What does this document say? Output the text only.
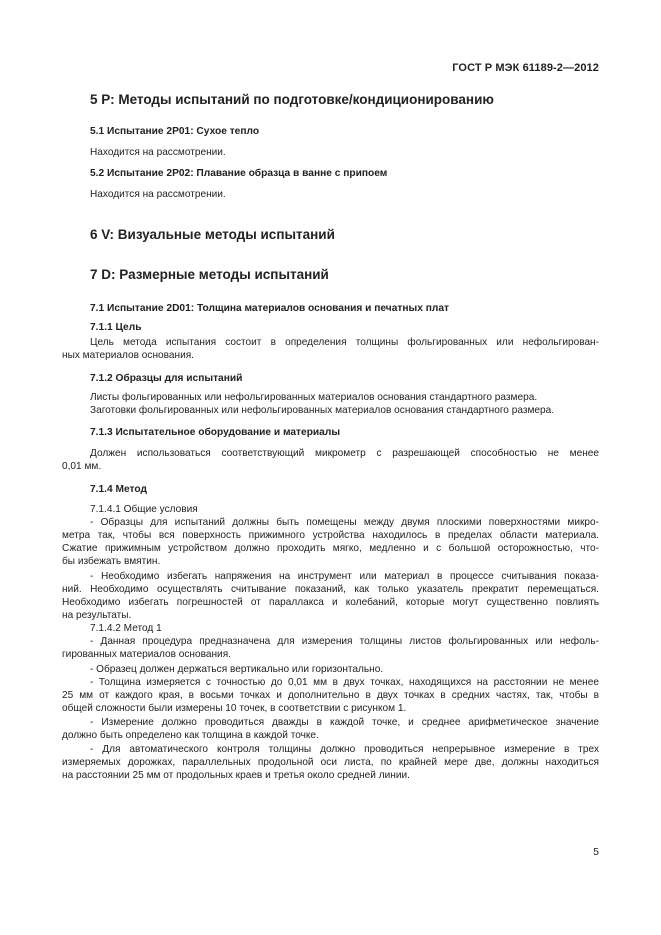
ГОСТ Р МЭК 61189-2—2012
5 Р: Методы испытаний по подготовке/кондиционированию
5.1 Испытание 2Р01: Сухое тепло
Находится на рассмотрении.
5.2 Испытание 2Р02: Плавание образца в ванне с припоем
Находится на рассмотрении.
6 V: Визуальные методы испытаний
7 D: Размерные методы испытаний
7.1 Испытание 2D01: Толщина материалов основания и печатных плат
7.1.1 Цель
Цель метода испытания состоит в определения толщины фольгированных или нефольгирован-
ных материалов основания.
7.1.2 Образцы для испытаний
Листы фольгированных или нефольгированных материалов основания стандартного размера.
Заготовки фольгированных или нефольгированных материалов основания стандартного размера.
7.1.3 Испытательное оборудование и материалы
Должен использоваться соответствующий микрометр с разрешающей способностью не менее
0,01 мм.
7.1.4 Метод
7.1.4.1 Общие условия
- Образцы для испытаний должны быть помещены между двумя плоскими поверхностями микро-
метра так, чтобы вся поверхность прижимного устройства находилось в пределах области материала.
Сжатие прижимным устройством должно проходить мягко, медленно и с большой осторожностью, что-
бы избежать вмятин.
- Необходимо избегать напряжения на инструмент или материал в процессе считывания показа-
ний. Необходимо осуществлять считывание показаний, как только указатель прекратит перемещаться.
Необходимо избегать погрешностей от параллакса и колебаний, которые могут существенно повлиять
на результаты.
7.1.4.2 Метод 1
- Данная процедура предназначена для измерения толщины листов фольгированных или нефоль-
гированных материалов основания.
- Образец должен держаться вертикально или горизонтально.
- Толщина измеряется с точностью до 0,01 мм в двух точках, находящихся на расстоянии не менее
25 мм от каждого края, в восьми точках и дополнительно в двух точках в средних частях, так, чтобы в
общей сложности были измерены 10 точек, в соответствии с рисунком 1.
- Измерение должно проводиться дважды в каждой точке, и среднее арифметическое значение
должно быть определено как толщина в каждой точке.
- Для автоматического контроля толщины должно проводиться непрерывное измерение в трех
измеряемых дорожках, параллельных продольной оси листа, по крайней мере две, должны находиться
на расстоянии 25 мм от продольных краев и третья около средней линии.
5
